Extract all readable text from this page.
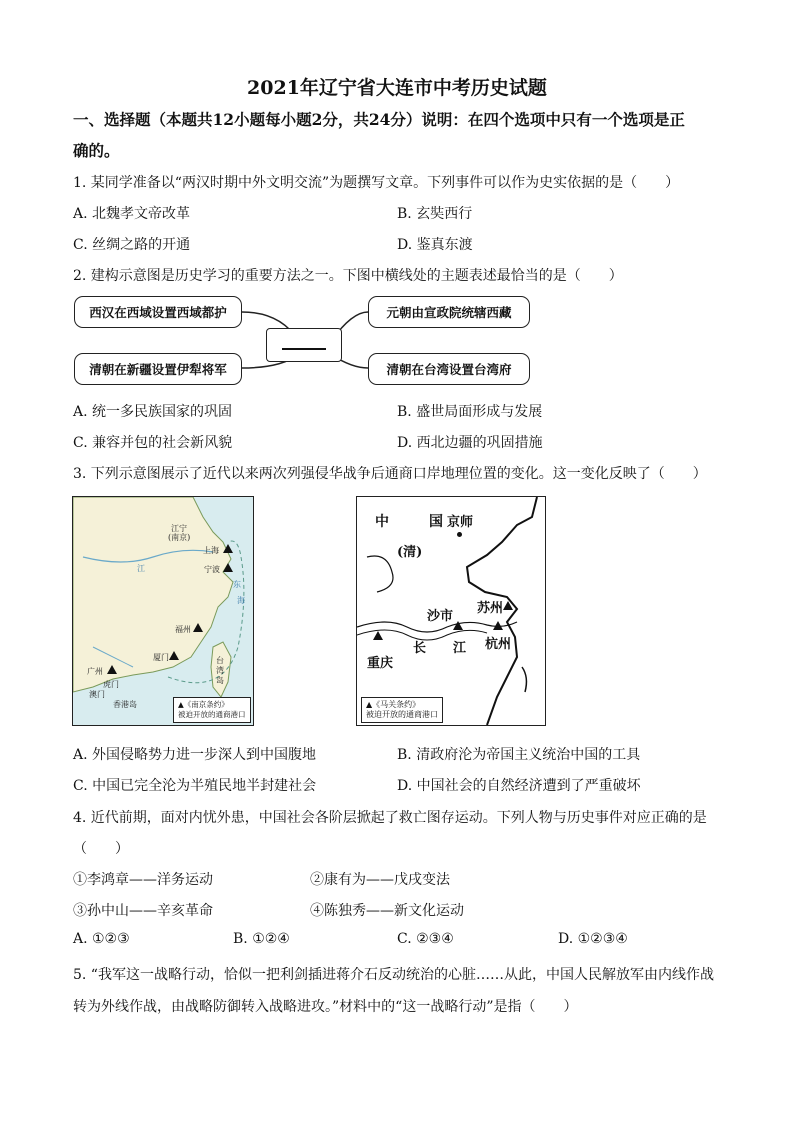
2021年辽宁省大连市中考历史试题
一、选择题（本题共12小题每小题2分，共24分）说明：在四个选项中只有一个选项是正
确的。
1. 某同学准备以“两汉时期中外文明交流”为题撰写文章。下列事件可以作为史实依据的是（　　）
A. 北魏孝文帝改革	B. 玄奘西行
C. 丝绸之路的开通	D. 鉴真东渡
2. 建构示意图是历史学习的重要方法之一。下图中横线处的主题表述最恰当的是（　　）
西汉在西域设置西域都护	元朝由宣政院统辖西藏
清朝在新疆设置伊犁将军	清朝在台湾设置台湾府
A. 统一多民族国家的巩固	B. 盛世局面形成与发展
C. 兼容并包的社会新风貌	D. 西北边疆的巩固措施
3. 下列示意图展示了近代以来两次列强侵华战争后通商口岸地理位置的变化。这一变化反映了（　　）
江宁
(南京)
上海
宁波
福州
厦门
广州
虎门
澳门
香港岛
台
湾
岛
江
东
海
▲《南京条约》
被迫开放的通商港口
中	国 京师
(清)
沙市
苏州
重庆
长 江 杭州
▲《马关条约》
被迫开放的通商港口
A. 外国侵略势力进一步深人到中国腹地	B. 清政府沦为帝国主义统治中国的工具
C. 中国已完全沦为半殖民地半封建社会	D. 中国社会的自然经济遭到了严重破坏
4. 近代前期，面对内忧外患，中国社会各阶层掀起了救亡图存运动。下列人物与历史事件对应正确的是
（　　）
①李鸿章——洋务运动	②康有为——戊戌变法
③孙中山——辛亥革命	④陈独秀——新文化运动
A. ①②③	B. ①②④	C. ②③④	D. ①②③④
5. “我军这一战略行动，恰似一把利剑插进蒋介石反动统治的心脏……从此，中国人民解放军由内线作战
转为外线作战，由战略防御转入战略进攻。”材料中的“这一战略行动”是指（　　）
